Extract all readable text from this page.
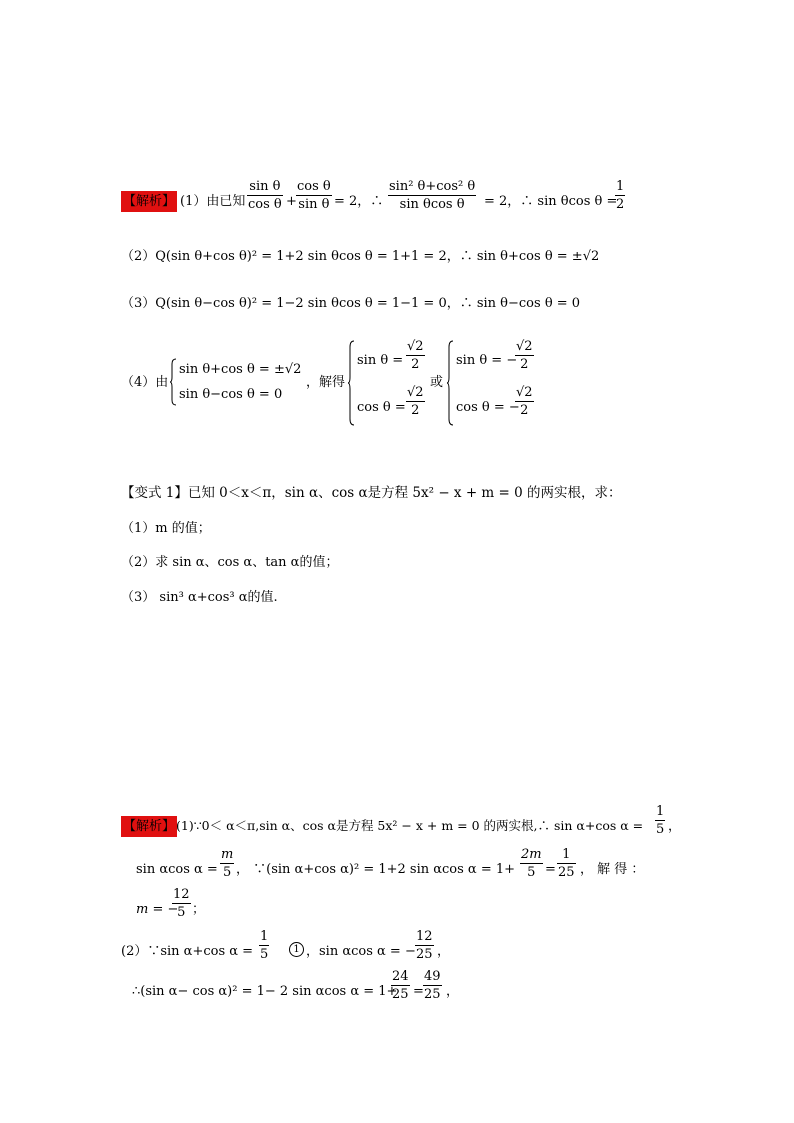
【解析】 (1）由已知
sin θ
cos θ +
cos θ
sin θ = 2，∴
sin² θ+cos² θ
sin θcos θ = 2，∴ sin θcos θ =
1
2
（2）Q(sin θ+cos θ)² = 1+2 sin θcos θ = 1+1 = 2，∴ sin θ+cos θ = ±√2
（3）Q(sin θ−cos θ)² = 1−2 sin θcos θ = 1−1 = 0，∴ sin θ−cos θ = 0
（4）由
sin θ+cos θ = ±√2
sin θ−cos θ = 0
，解得
sin θ =
√2
2
cos θ =
√2
2
或
sin θ = −
√2
2
cos θ = −
√2
2
【变式 1】已知 0＜x＜π，sin α、cos α是方程 5x² − x + m = 0 的两实根，求：
（1）m 的值；
（2）求 sin α、cos α、tan α的值；
（3） sin³ α+cos³ α的值.
【解析】 (1)∵0＜ α＜π,sin α、cos α是方程 5x² − x + m = 0 的两实根,∴ sin α+cos α =
1
5 ，
sin αcos α =
m
5 ， ∵(sin α+cos α)² = 1+2 sin αcos α = 1+
2m
5 =
1
25 ， 解 得 ：
m = −
12
5 ；
(2）∵sin α+cos α =
1
5	1 ，sin αcos α = −
12
25 ，
∴(sin α− cos α)² = 1− 2 sin αcos α = 1+
24
25 =
49
25 ，
